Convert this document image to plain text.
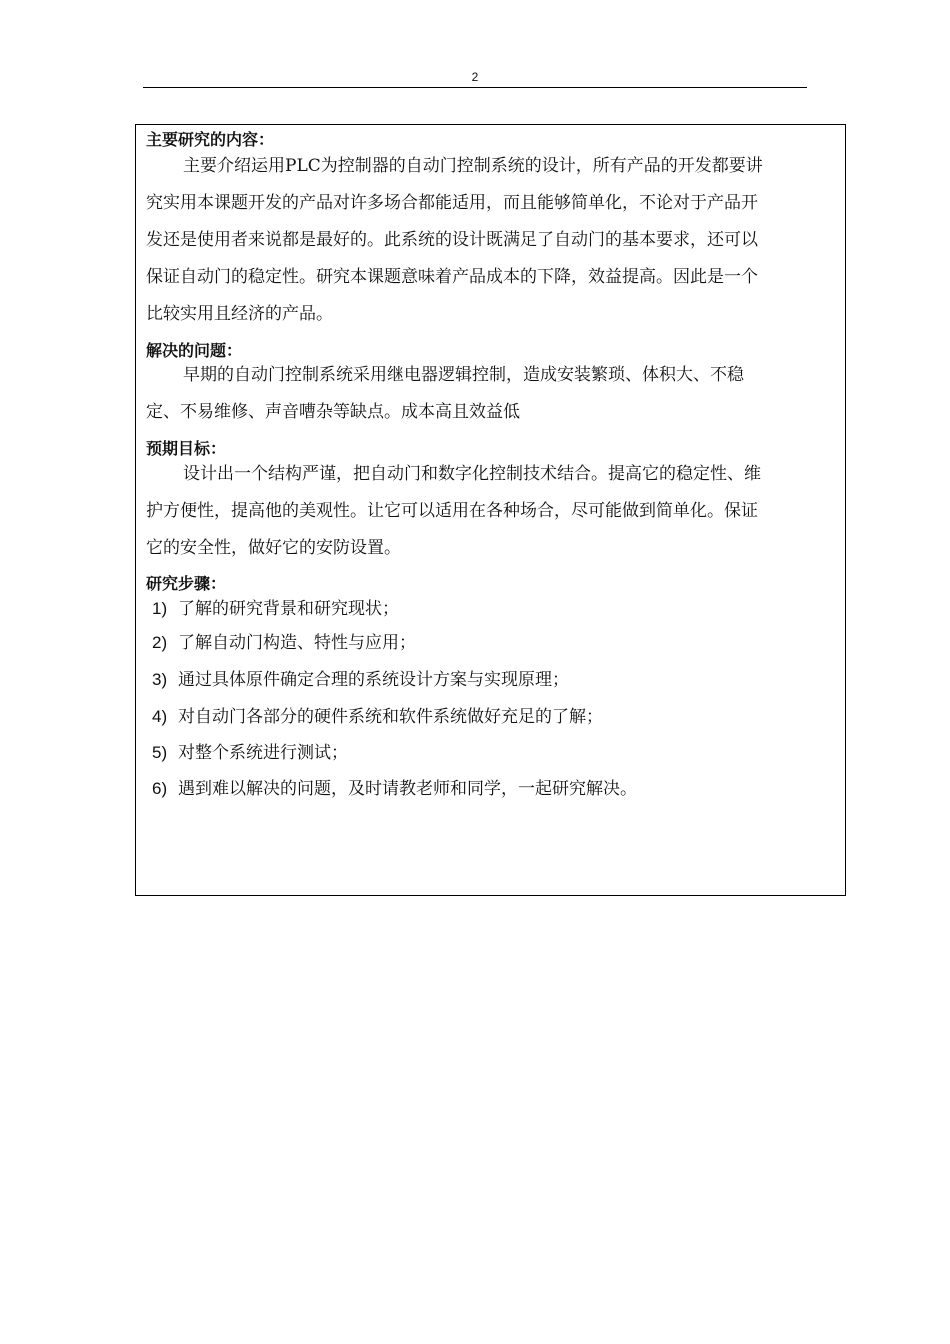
2
主要研究的内容：
主要介绍运用PLC为控制器的自动门控制系统的设计，所有产品的开发都要讲
究实用本课题开发的产品对许多场合都能适用，而且能够简单化，不论对于产品开
发还是使用者来说都是最好的。此系统的设计既满足了自动门的基本要求，还可以
保证自动门的稳定性。研究本课题意味着产品成本的下降，效益提高。因此是一个
比较实用且经济的产品。
解决的问题：
早期的自动门控制系统采用继电器逻辑控制，造成安装繁琐、体积大、不稳
定、不易维修、声音嘈杂等缺点。成本高且效益低
预期目标：
设计出一个结构严谨，把自动门和数字化控制技术结合。提高它的稳定性、维
护方便性，提高他的美观性。让它可以适用在各种场合，尽可能做到简单化。保证
它的安全性，做好它的安防设置。
研究步骤：
1) 了解的研究背景和研究现状；
2) 了解自动门构造、特性与应用；
3) 通过具体原件确定合理的系统设计方案与实现原理；
4) 对自动门各部分的硬件系统和软件系统做好充足的了解；
5) 对整个系统进行测试；
6) 遇到难以解决的问题，及时请教老师和同学，一起研究解决。
